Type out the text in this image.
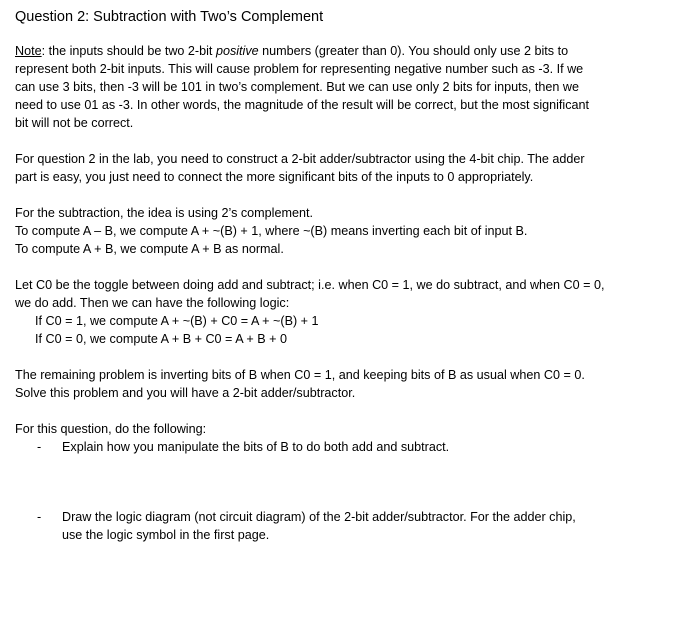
Question 2: Subtraction with Two’s Complement

Note: the inputs should be two 2-bit positive numbers (greater than 0). You should only use 2 bits to

represent both 2-bit inputs. This will cause problem for representing negative number such as -3. If we

can use 3 bits, then -3 will be 101 in two’s complement. But we can use only 2 bits for inputs, then we

need to use 01 as -3. In other words, the magnitude of the result will be correct, but the most significant

bit will not be correct.

For question 2 in the lab, you need to construct a 2-bit adder/subtractor using the 4-bit chip. The adder

part is easy, you just need to connect the more significant bits of the inputs to 0 appropriately.

For the subtraction, the idea is using 2’s complement.

To compute A – B, we compute A + ~(B) + 1, where ~(B) means inverting each bit of input B.

To compute A + B, we compute A + B as normal.

Let C0 be the toggle between doing add and subtract; i.e. when C0 = 1, we do subtract, and when C0 = 0,

we do add. Then we can have the following logic:

If C0 = 1, we compute A + ~(B) + C0 = A + ~(B) + 1

If C0 = 0, we compute A + B + C0 = A + B + 0

The remaining problem is inverting bits of B when C0 = 1, and keeping bits of B as usual when C0 = 0.

Solve this problem and you will have a 2-bit adder/subtractor.

For this question, do the following:

- Explain how you manipulate the bits of B to do both add and subtract.

- Draw the logic diagram (not circuit diagram) of the 2-bit adder/subtractor. For the adder chip,

use the logic symbol in the first page.
